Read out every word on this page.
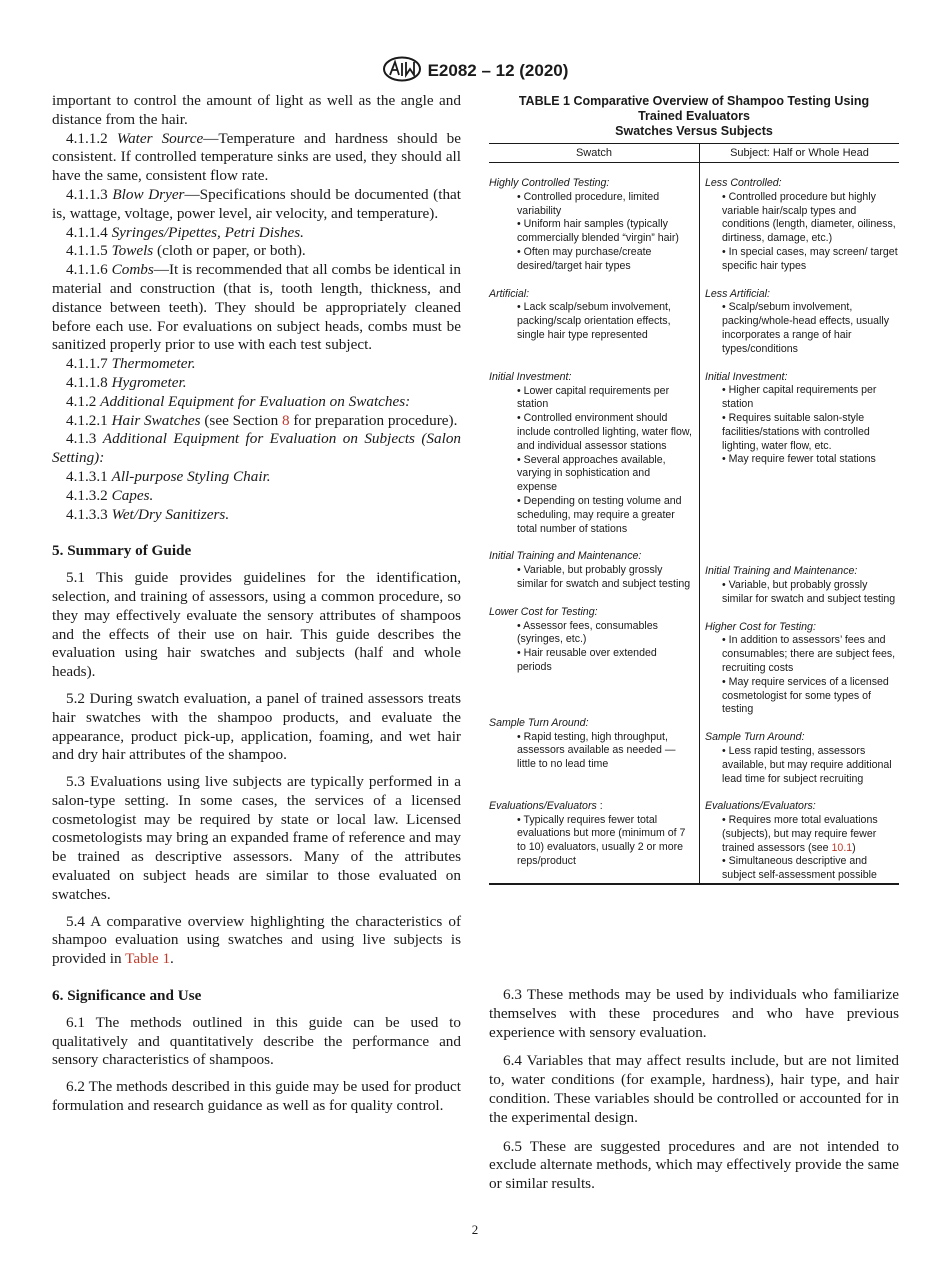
E2082 – 12 (2020)

important to control the amount of light as well as the angle and distance from the hair.

4.1.1.2 Water Source—Temperature and hardness should be consistent. If controlled temperature sinks are used, they should all have the same, consistent flow rate.

4.1.1.3 Blow Dryer—Specifications should be documented (that is, wattage, voltage, power level, air velocity, and temperature).

4.1.1.4 Syringes/Pipettes, Petri Dishes.

4.1.1.5 Towels (cloth or paper, or both).

4.1.1.6 Combs—It is recommended that all combs be identical in material and construction (that is, tooth length, thickness, and distance between teeth). They should be appropriately cleaned before each use. For evaluations on subject heads, combs must be sanitized properly prior to use with each test subject.

4.1.1.7 Thermometer.

4.1.1.8 Hygrometer.

4.1.2 Additional Equipment for Evaluation on Swatches:

4.1.2.1 Hair Swatches (see Section 8 for preparation procedure).

4.1.3 Additional Equipment for Evaluation on Subjects (Salon Setting):

4.1.3.1 All-purpose Styling Chair.

4.1.3.2 Capes.

4.1.3.3 Wet/Dry Sanitizers.

5. Summary of Guide

5.1 This guide provides guidelines for the identification, selection, and training of assessors, using a common procedure, so they may effectively evaluate the sensory attributes of shampoos and the effects of their use on hair. This guide describes the evaluation using hair swatches and subjects (half and whole heads).

5.2 During swatch evaluation, a panel of trained assessors treats hair swatches with the shampoo products, and evaluate the appearance, product pick-up, application, foaming, and wet hair and dry hair attributes of the shampoo.

5.3 Evaluations using live subjects are typically performed in a salon-type setting. In some cases, the services of a licensed cosmetologist may be required by state or local law. Licensed cosmetologists may bring an expanded frame of reference and may be trained as descriptive assessors. Many of the attributes evaluated on subject heads are similar to those evaluated on swatches.

5.4 A comparative overview highlighting the characteristics of shampoo evaluation using swatches and using live subjects is provided in Table 1.

6. Significance and Use

6.1 The methods outlined in this guide can be used to qualitatively and quantitatively describe the performance and sensory characteristics of shampoos.

6.2 The methods described in this guide may be used for product formulation and research guidance as well as for quality control.

TABLE 1 Comparative Overview of Shampoo Testing Using
Trained Evaluators
Swatches Versus Subjects
Swatch	Subject: Half or Whole Head
Highly Controlled Testing:
• Controlled procedure, limited variability
• Uniform hair samples (typically commercially blended “virgin” hair)
• Often may purchase/create desired/target hair types
Artificial:
• Lack scalp/sebum involvement, packing/scalp orientation effects, single hair type represented
Initial Investment:
• Lower capital requirements per station
• Controlled environment should include controlled lighting, water flow, and individual assessor stations
• Several approaches available, varying in sophistication and expense
• Depending on testing volume and scheduling, may require a greater total number of stations
Initial Training and Maintenance:
• Variable, but probably grossly similar for swatch and subject testing
Lower Cost for Testing:
• Assessor fees, consumables (syringes, etc.)
• Hair reusable over extended periods
Sample Turn Around:
• Rapid testing, high throughput, assessors available as needed — little to no lead time
Evaluations/Evaluators :
• Typically requires fewer total evaluations but more (minimum of 7 to 10) evaluators, usually 2 or more reps/product
Less Controlled:
• Controlled procedure but highly variable hair/scalp types and conditions (length, diameter, oiliness, dirtiness, damage, etc.)
• In special cases, may screen/ target specific hair types
Less Artificial:
• Scalp/sebum involvement, packing/whole-head effects, usually incorporates a range of hair types/conditions
Initial Investment:
• Higher capital requirements per station
• Requires suitable salon-style facilities/stations with controlled lighting, water flow, etc.
• May require fewer total stations
Initial Training and Maintenance:
• Variable, but probably grossly similar for swatch and subject testing
Higher Cost for Testing:
• In addition to assessors’ fees and consumables; there are subject fees, recruiting costs
• May require services of a licensed cosmetologist for some types of testing
Sample Turn Around:
• Less rapid testing, assessors available, but may require additional lead time for subject recruiting
Evaluations/Evaluators:
• Requires more total evaluations (subjects), but may require fewer trained assessors (see 10.1)
• Simultaneous descriptive and subject self-assessment possible

6.3 These methods may be used by individuals who familiarize themselves with these procedures and who have previous experience with sensory evaluation.

6.4 Variables that may affect results include, but are not limited to, water conditions (for example, hardness), hair type, and hair condition. These variables should be controlled or accounted for in the experimental design.

6.5 These are suggested procedures and are not intended to exclude alternate methods, which may effectively provide the same or similar results.

2
